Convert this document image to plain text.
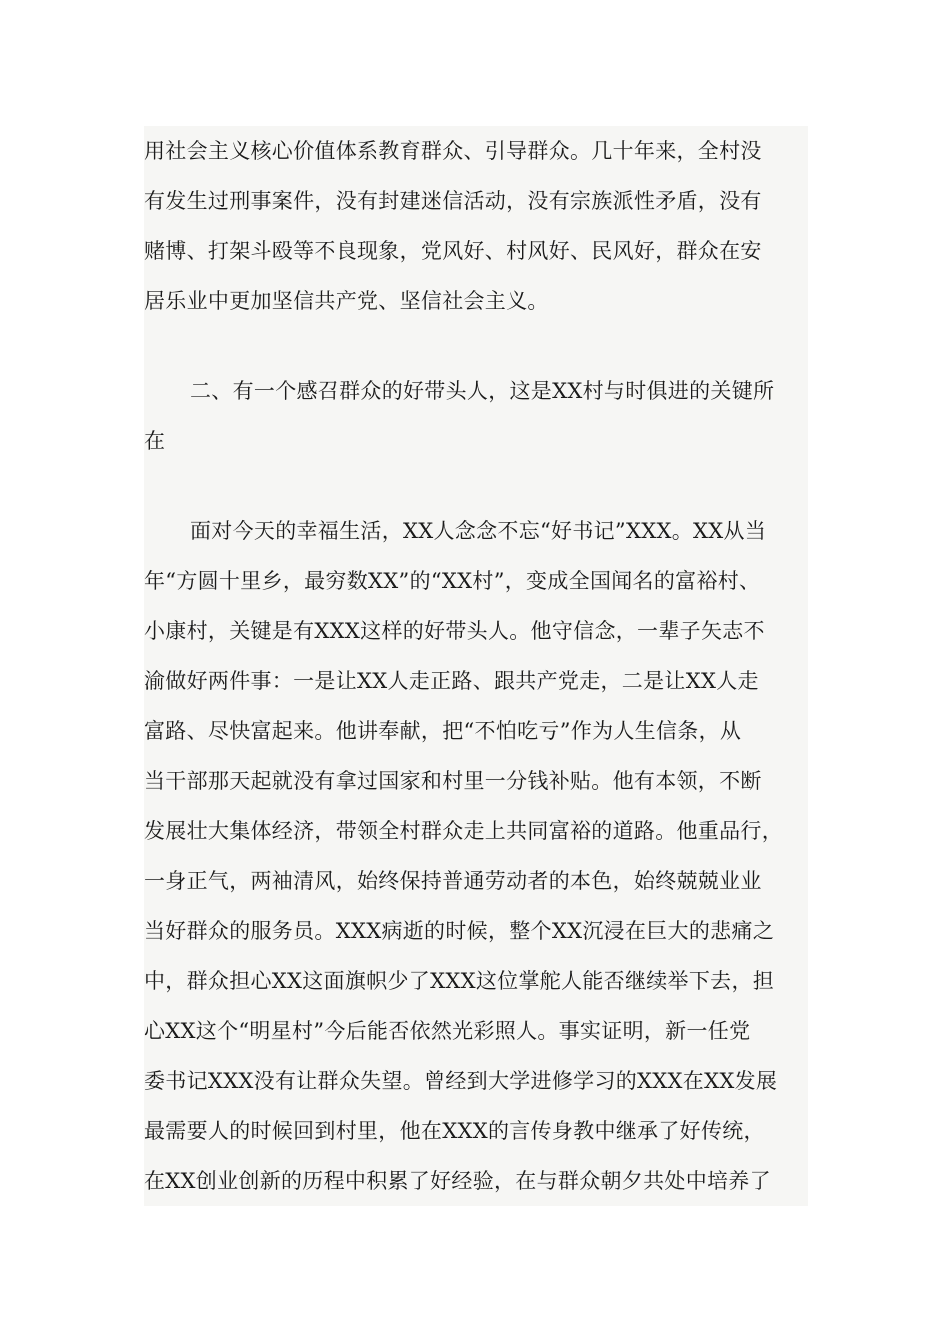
用社会主义核心价值体系教育群众、引导群众。几十年来，全村没
有发生过刑事案件，没有封建迷信活动，没有宗族派性矛盾，没有
赌博、打架斗殴等不良现象，党风好、村风好、民风好，群众在安
居乐业中更加坚信共产党、坚信社会主义。
二、有一个感召群众的好带头人，这是XX村与时俱进的关键所
在
面对今天的幸福生活，XX人念念不忘“好书记”XXX。XX从当
年“方圆十里乡，最穷数XX”的“XX村”，变成全国闻名的富裕村、
小康村，关键是有XXX这样的好带头人。他守信念，一辈子矢志不
渝做好两件事：一是让XX人走正路、跟共产党走，二是让XX人走
富路、尽快富起来。他讲奉献，把“不怕吃亏”作为人生信条，从
当干部那天起就没有拿过国家和村里一分钱补贴。他有本领，不断
发展壮大集体经济，带领全村群众走上共同富裕的道路。他重品行，
一身正气，两袖清风，始终保持普通劳动者的本色，始终兢兢业业
当好群众的服务员。XXX病逝的时候，整个XX沉浸在巨大的悲痛之
中，群众担心XX这面旗帜少了XXX这位掌舵人能否继续举下去，担
心XX这个“明星村”今后能否依然光彩照人。事实证明，新一任党
委书记XXX没有让群众失望。曾经到大学进修学习的XXX在XX发展
最需要人的时候回到村里，他在XXX的言传身教中继承了好传统，
在XX创业创新的历程中积累了好经验，在与群众朝夕共处中培养了
